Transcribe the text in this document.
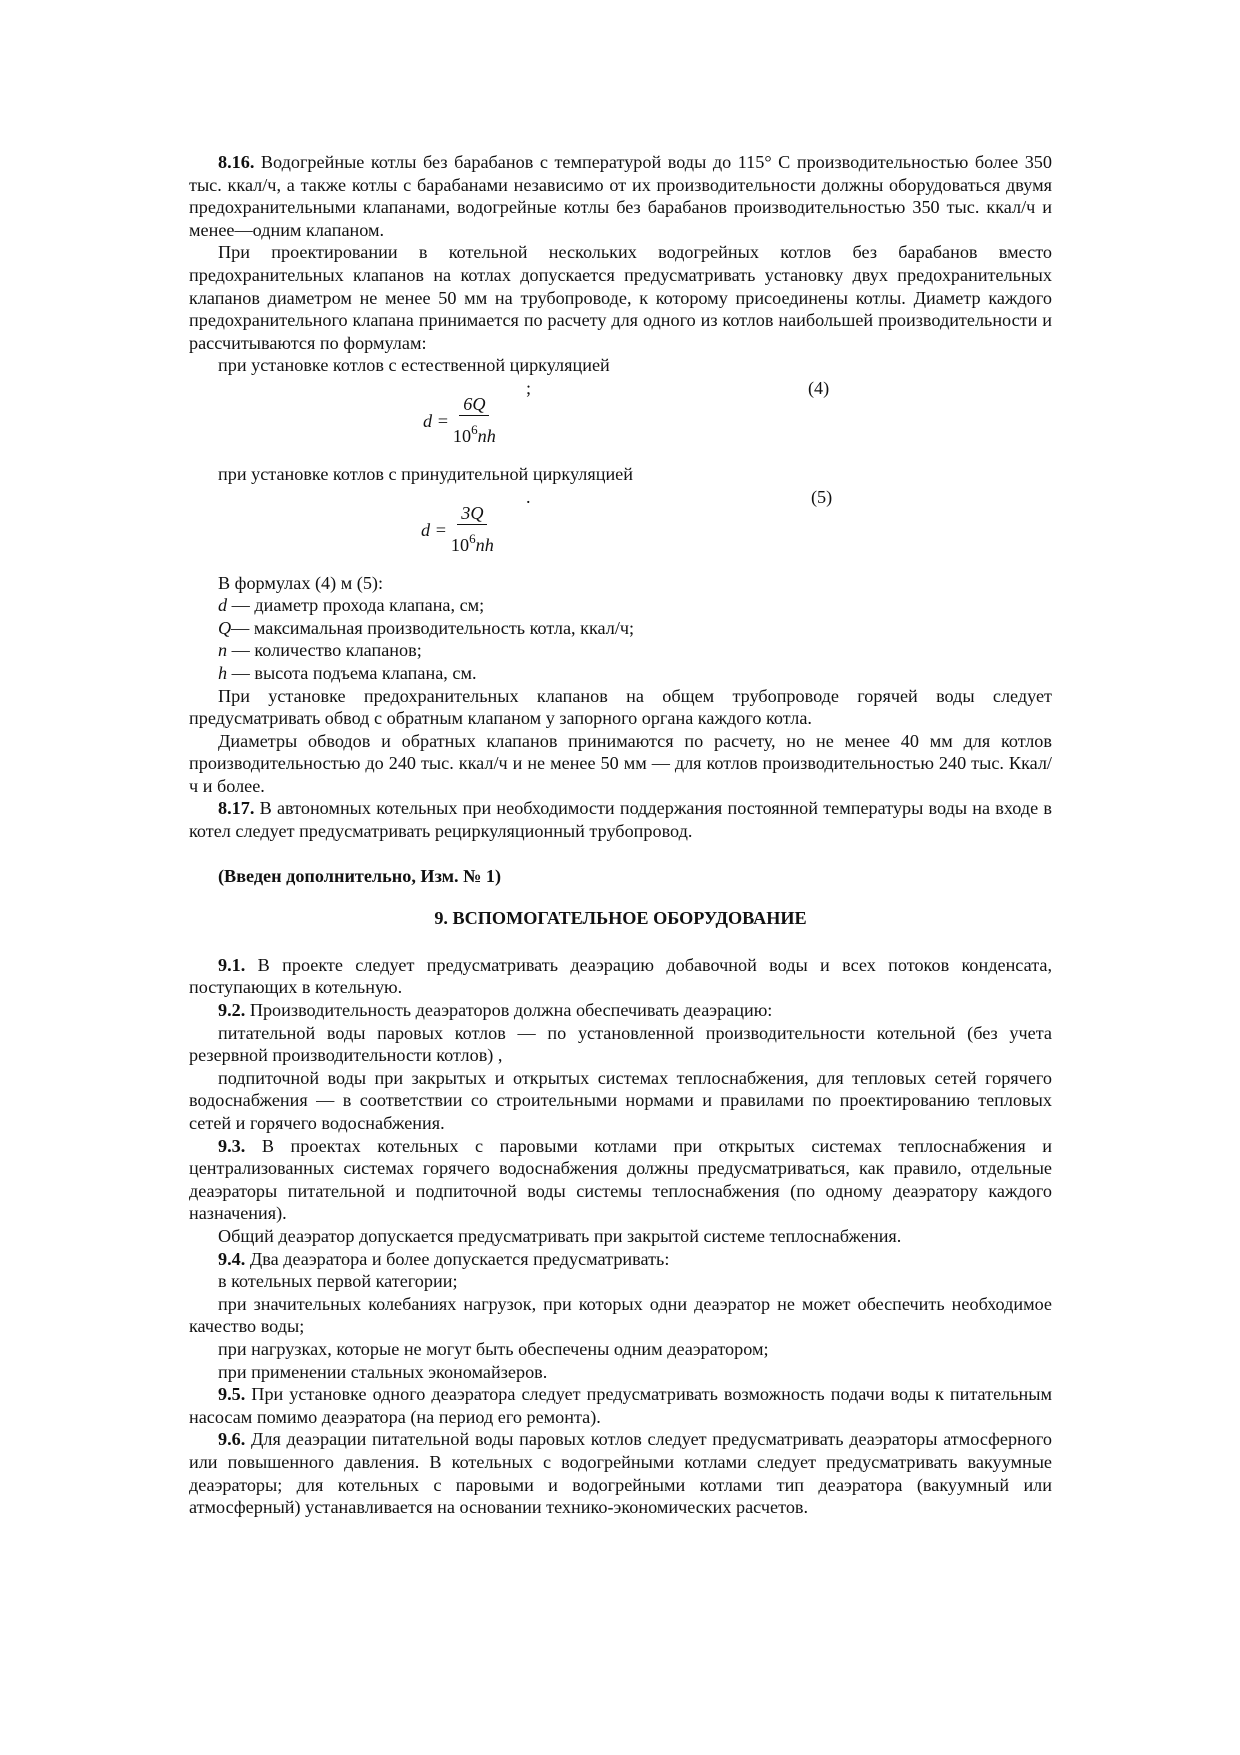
8.16. Водогрейные котлы без барабанов с температурой воды до 115° С производительностью более 350 тыс. ккал/ч, а также котлы с барабанами независимо от их производительности должны оборудоваться двумя предохранительными клапанами, водогрейные котлы без барабанов производительностью 350 тыс. ккал/ч и менее—одним клапаном.

При проектировании в котельной нескольких водогрейных котлов без барабанов вместо предохранительных клапанов на котлах допускается предусматривать установку двух предохранительных клапанов диаметром не менее 50 мм на трубопроводе, к которому присоединены котлы. Диаметр каждого предохранительного клапана принимается по расчету для одного из котлов наибольшей производительности и рассчитываются по формулам:

при установке котлов с естественной циркуляцией

;	(4)
$d = \frac{6Q}{10^6nh}$

при установке котлов с принудительной циркуляцией

.	(5)
$d = \frac{3Q}{10^6nh}$

В формулах (4) м (5):

d — диаметр прохода клапана, см;

Q— максимальная производительность котла, ккал/ч;

n — количество клапанов;

h — высота подъема клапана, см.

При установке предохранительных клапанов на общем трубопроводе горячей воды следует предусматривать обвод с обратным клапаном у запорного органа каждого котла.

Диаметры обводов и обратных клапанов принимаются по расчету, но не менее 40 мм для котлов производительностью до 240 тыс. ккал/ч и не менее 50 мм — для котлов производительностью 240 тыс. Ккал/ч и более.

8.17. В автономных котельных при необходимости поддержания постоянной температуры воды на входе в котел следует предусматривать рециркуляционный трубопровод.

(Введен дополнительно, Изм. № 1)

9. ВСПОМОГАТЕЛЬНОЕ ОБОРУДОВАНИЕ

9.1. В проекте следует предусматривать деаэрацию добавочной воды и всех потоков конденсата, поступающих в котельную.

9.2. Производительность деаэраторов должна обеспечивать деаэрацию:

питательной воды паровых котлов — по установленной производительности котельной (без учета резервной производительности котлов) ,

подпиточной воды при закрытых и открытых системах теплоснабжения, для тепловых сетей горячего водоснабжения — в соответствии со строительными нормами и правилами по проектированию тепловых сетей и горячего водоснабжения.

9.3. В проектах котельных с паровыми котлами при открытых системах теплоснабжения и централизованных системах горячего водоснабжения должны предусматриваться, как правило, отдельные деаэраторы питательной и подпиточной воды системы теплоснабжения (по одному деаэратору каждого назначения).

Общий деаэратор допускается предусматривать при закрытой системе теплоснабжения.

9.4. Два деаэратора и более допускается предусматривать:

в котельных первой категории;

при значительных колебаниях нагрузок, при которых одни деаэратор не может обеспечить необходимое качество воды;

при нагрузках, которые не могут быть обеспечены одним деаэратором;

при применении стальных экономайзеров.

9.5. При установке одного деаэратора следует предусматривать возможность подачи воды к питательным насосам помимо деаэратора (на период его ремонта).

9.6. Для деаэрации питательной воды паровых котлов следует предусматривать деаэраторы атмосферного или повышенного давления. В котельных с водогрейными котлами следует предусматривать вакуумные деаэраторы; для котельных с паровыми и водогрейными котлами тип деаэратора (вакуумный или атмосферный) устанавливается на основании технико-экономических расчетов.
